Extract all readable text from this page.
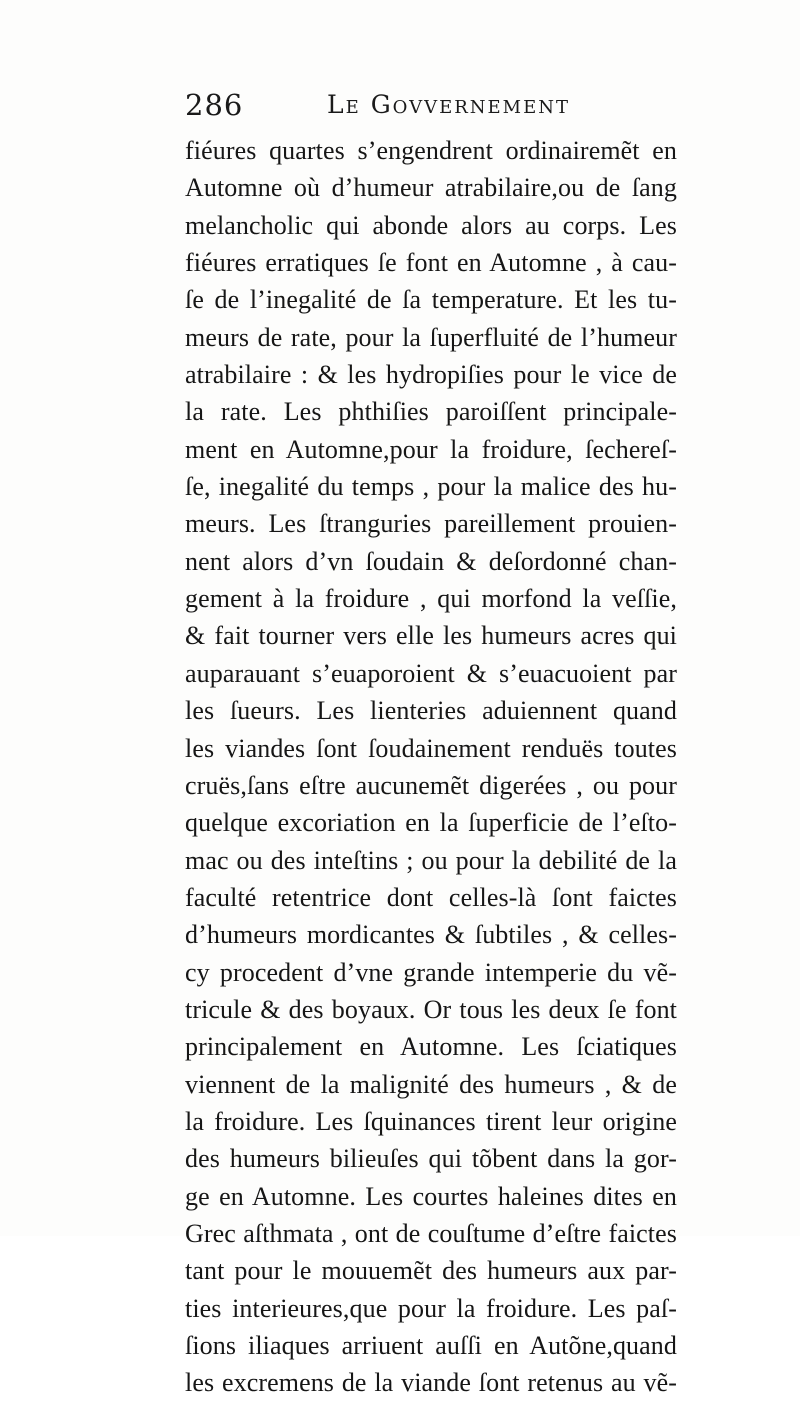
286	Le Govvernement
fiéures quartes s’engendrent ordinairemẽt en
Automne où d’humeur atrabilaire,ou de ſang
melancholic qui abonde alors au corps. Les
fiéures erratiques ſe font en Automne , à cau-
ſe de l’inegalité de ſa temperature. Et les tu-
meurs de rate, pour la ſuperfluité de l’humeur
atrabilaire : & les hydropiſies pour le vice de
la rate. Les phthiſies paroiſſent principale-
ment en Automne,pour la froidure, ſechereſ-
ſe, inegalité du temps , pour la malice des hu-
meurs. Les ſtranguries pareillement prouien-
nent alors d’vn ſoudain & deſordonné chan-
gement à la froidure , qui morfond la veſſie,
& fait tourner vers elle les humeurs acres qui
auparauant s’euaporoient & s’euacuoient par
les ſueurs. Les lienteries aduiennent quand
les viandes ſont ſoudainement renduës toutes
cruës,ſans eſtre aucunemẽt digerées , ou pour
quelque excoriation en la ſuperficie de l’eſto-
mac ou des inteſtins ; ou pour la debilité de la
faculté retentrice dont celles-là ſont faictes
d’humeurs mordicantes & ſubtiles , & celles-
cy procedent d’vne grande intemperie du vẽ-
tricule & des boyaux. Or tous les deux ſe font
principalement en Automne. Les ſciatiques
viennent de la malignité des humeurs , & de
la froidure. Les ſquinances tirent leur origine
des humeurs bilieuſes qui tõbent dans la gor-
ge en Automne. Les courtes haleines dites en
Grec aſthmata , ont de couſtume d’eſtre faictes
tant pour le mouuemẽt des humeurs aux par-
ties interieures,que pour la froidure. Les paſ-
ſions iliaques arriuent auſſi en Autõne,quand
les excremens de la viande ſont retenus au vẽ-
